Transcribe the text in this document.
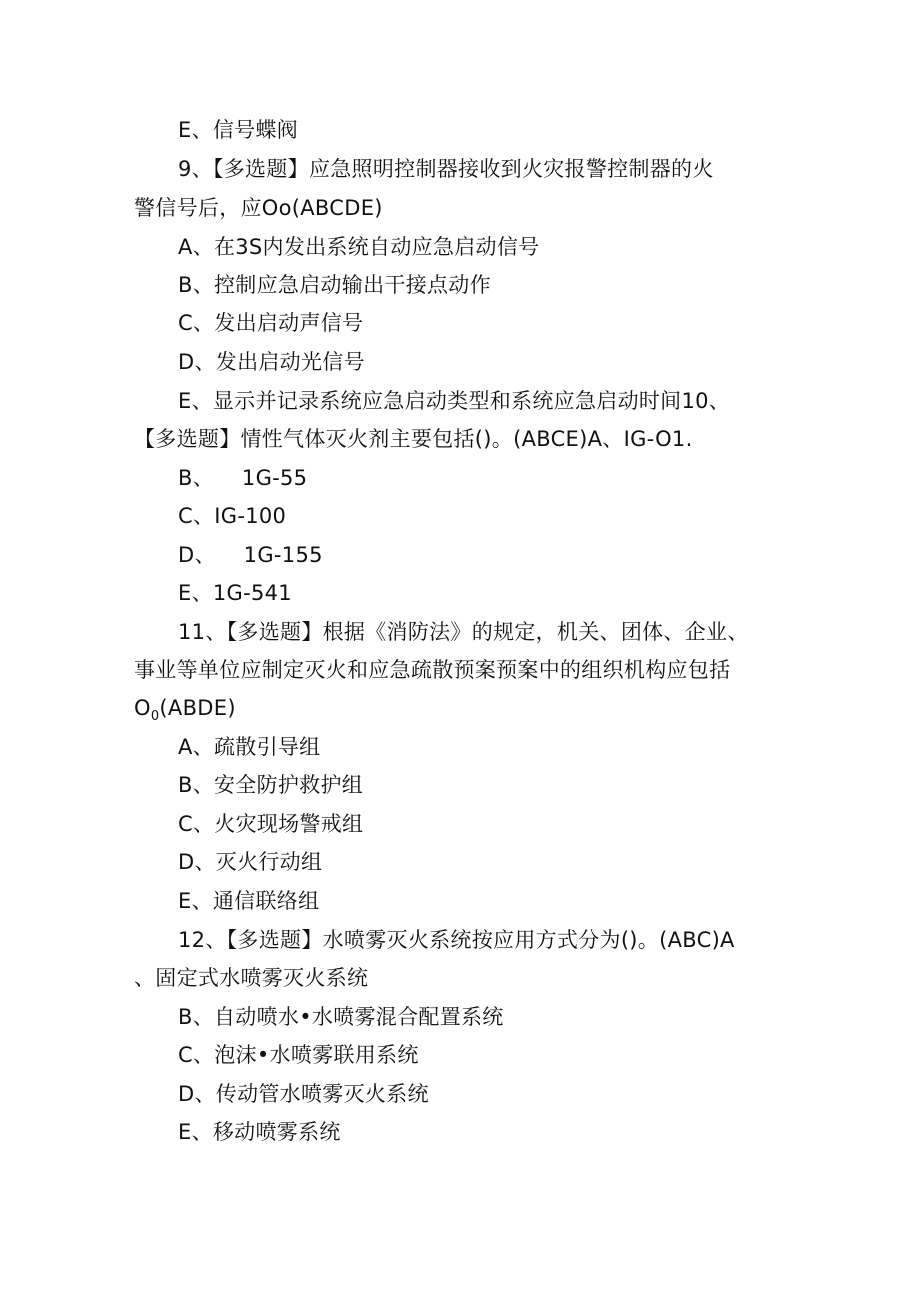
E、信号蝶阀
9、【多选题】应急照明控制器接收到火灾报警控制器的火
警信号后，应Oo(ABCDE)
A、在3S内发出系统自动应急启动信号
B、控制应急启动输出干接点动作
C、发出启动声信号
D、发出启动光信号
E、显示并记录系统应急启动类型和系统应急启动时间10、
【多选题】情性气体灭火剂主要包括()。(ABCE)A、IG-O1.
B、    1G-55
C、IG-100
D、    1G-155
E、1G-541
11、【多选题】根据《消防法》的规定，机关、团体、企业、
事业等单位应制定灭火和应急疏散预案预案中的组织机构应包括
$O_0(ABDE)$
A、疏散引导组
B、安全防护救护组
C、火灾现场警戒组
D、灭火行动组
E、通信联络组
12、【多选题】水喷雾灭火系统按应用方式分为()。(ABC)A
、固定式水喷雾灭火系统
B、自动喷水•水喷雾混合配置系统
C、泡沫•水喷雾联用系统
D、传动管水喷雾灭火系统
E、移动喷雾系统
